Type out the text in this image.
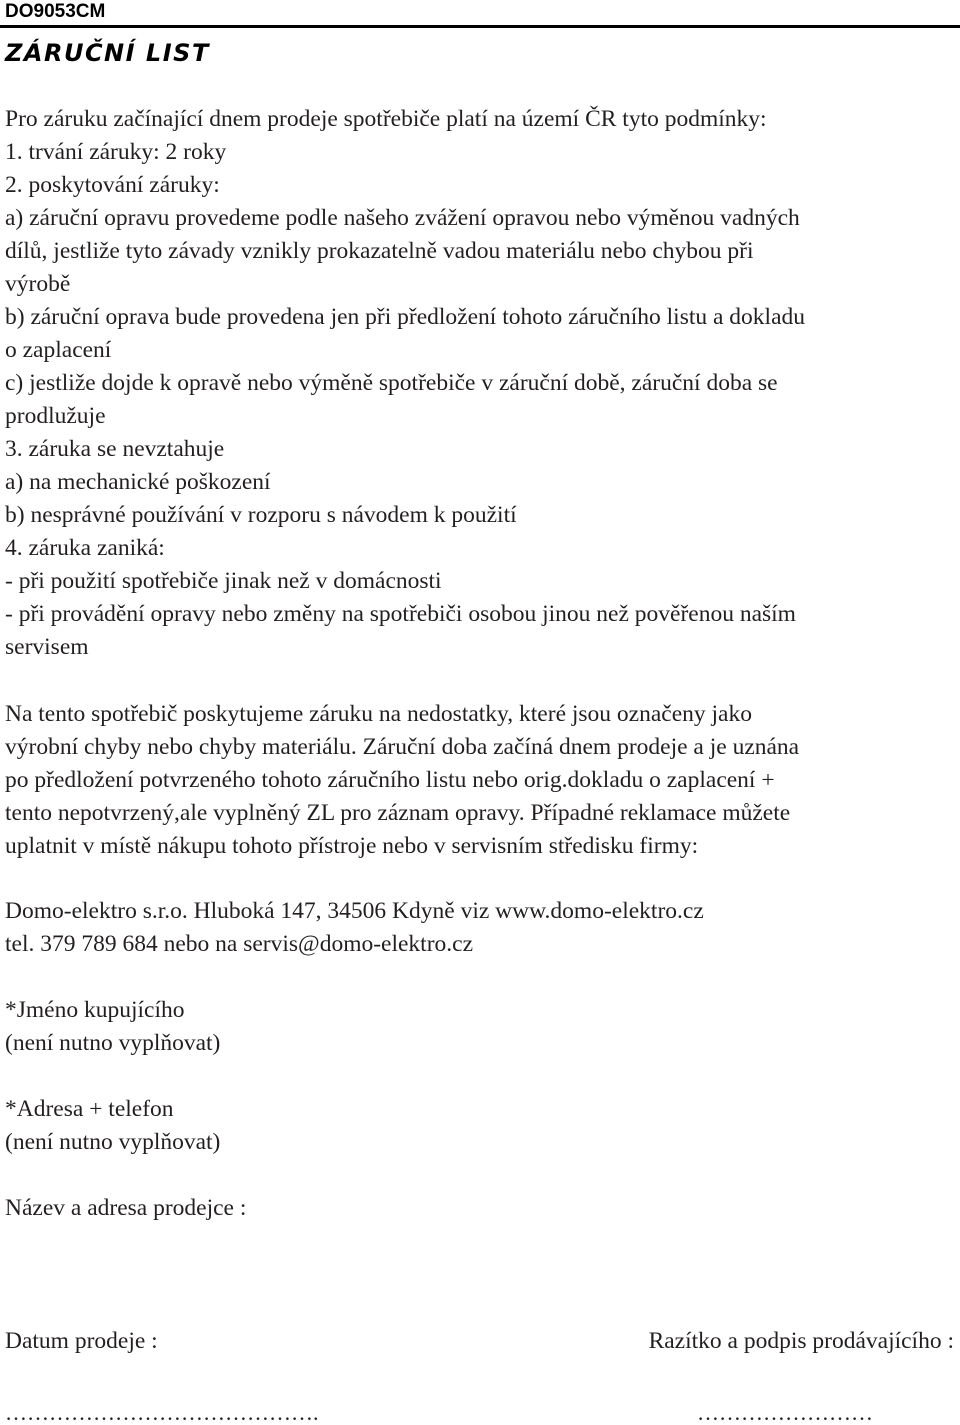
DO9053CM
ZÁRUČNÍ LIST
Pro záruku začínající dnem prodeje spotřebiče platí na území ČR tyto podmínky:
1. trvání záruky: 2 roky
2. poskytování záruky:
a) záruční opravu provedeme podle našeho zvážení opravou nebo výměnou vadných
dílů, jestliže tyto závady vznikly prokazatelně vadou materiálu nebo chybou při
výrobě
b) záruční oprava bude provedena jen při předložení tohoto záručního listu a dokladu
o zaplacení
c) jestliže dojde k opravě nebo výměně spotřebiče v záruční době, záruční doba se
prodlužuje
3. záruka se nevztahuje
a) na mechanické poškození
b) nesprávné používání v rozporu s návodem k použití
4. záruka zaniká:
- při použití spotřebiče jinak než v domácnosti
- při provádění opravy nebo změny na spotřebiči osobou jinou než pověřenou naším
servisem
Na tento spotřebič poskytujeme záruku na nedostatky, které jsou označeny jako
výrobní chyby nebo chyby materiálu. Záruční doba začíná dnem prodeje a je uznána
po předložení potvrzeného tohoto záručního listu nebo orig.dokladu o zaplacení +
tento nepotvrzený,ale vyplněný ZL pro záznam opravy. Případné reklamace můžete
uplatnit v místě nákupu tohoto přístroje nebo v servisním středisku firmy:
Domo-elektro s.r.o. Hluboká 147, 34506 Kdyně viz www.domo-elektro.cz
tel. 379 789 684 nebo na servis@domo-elektro.cz
*Jméno kupujícího
(není nutno vyplňovat)
*Adresa + telefon
(není nutno vyplňovat)
Název a adresa prodejce :
Datum prodeje :	Razítko a podpis prodávajícího :
…………………………………….	……………………
